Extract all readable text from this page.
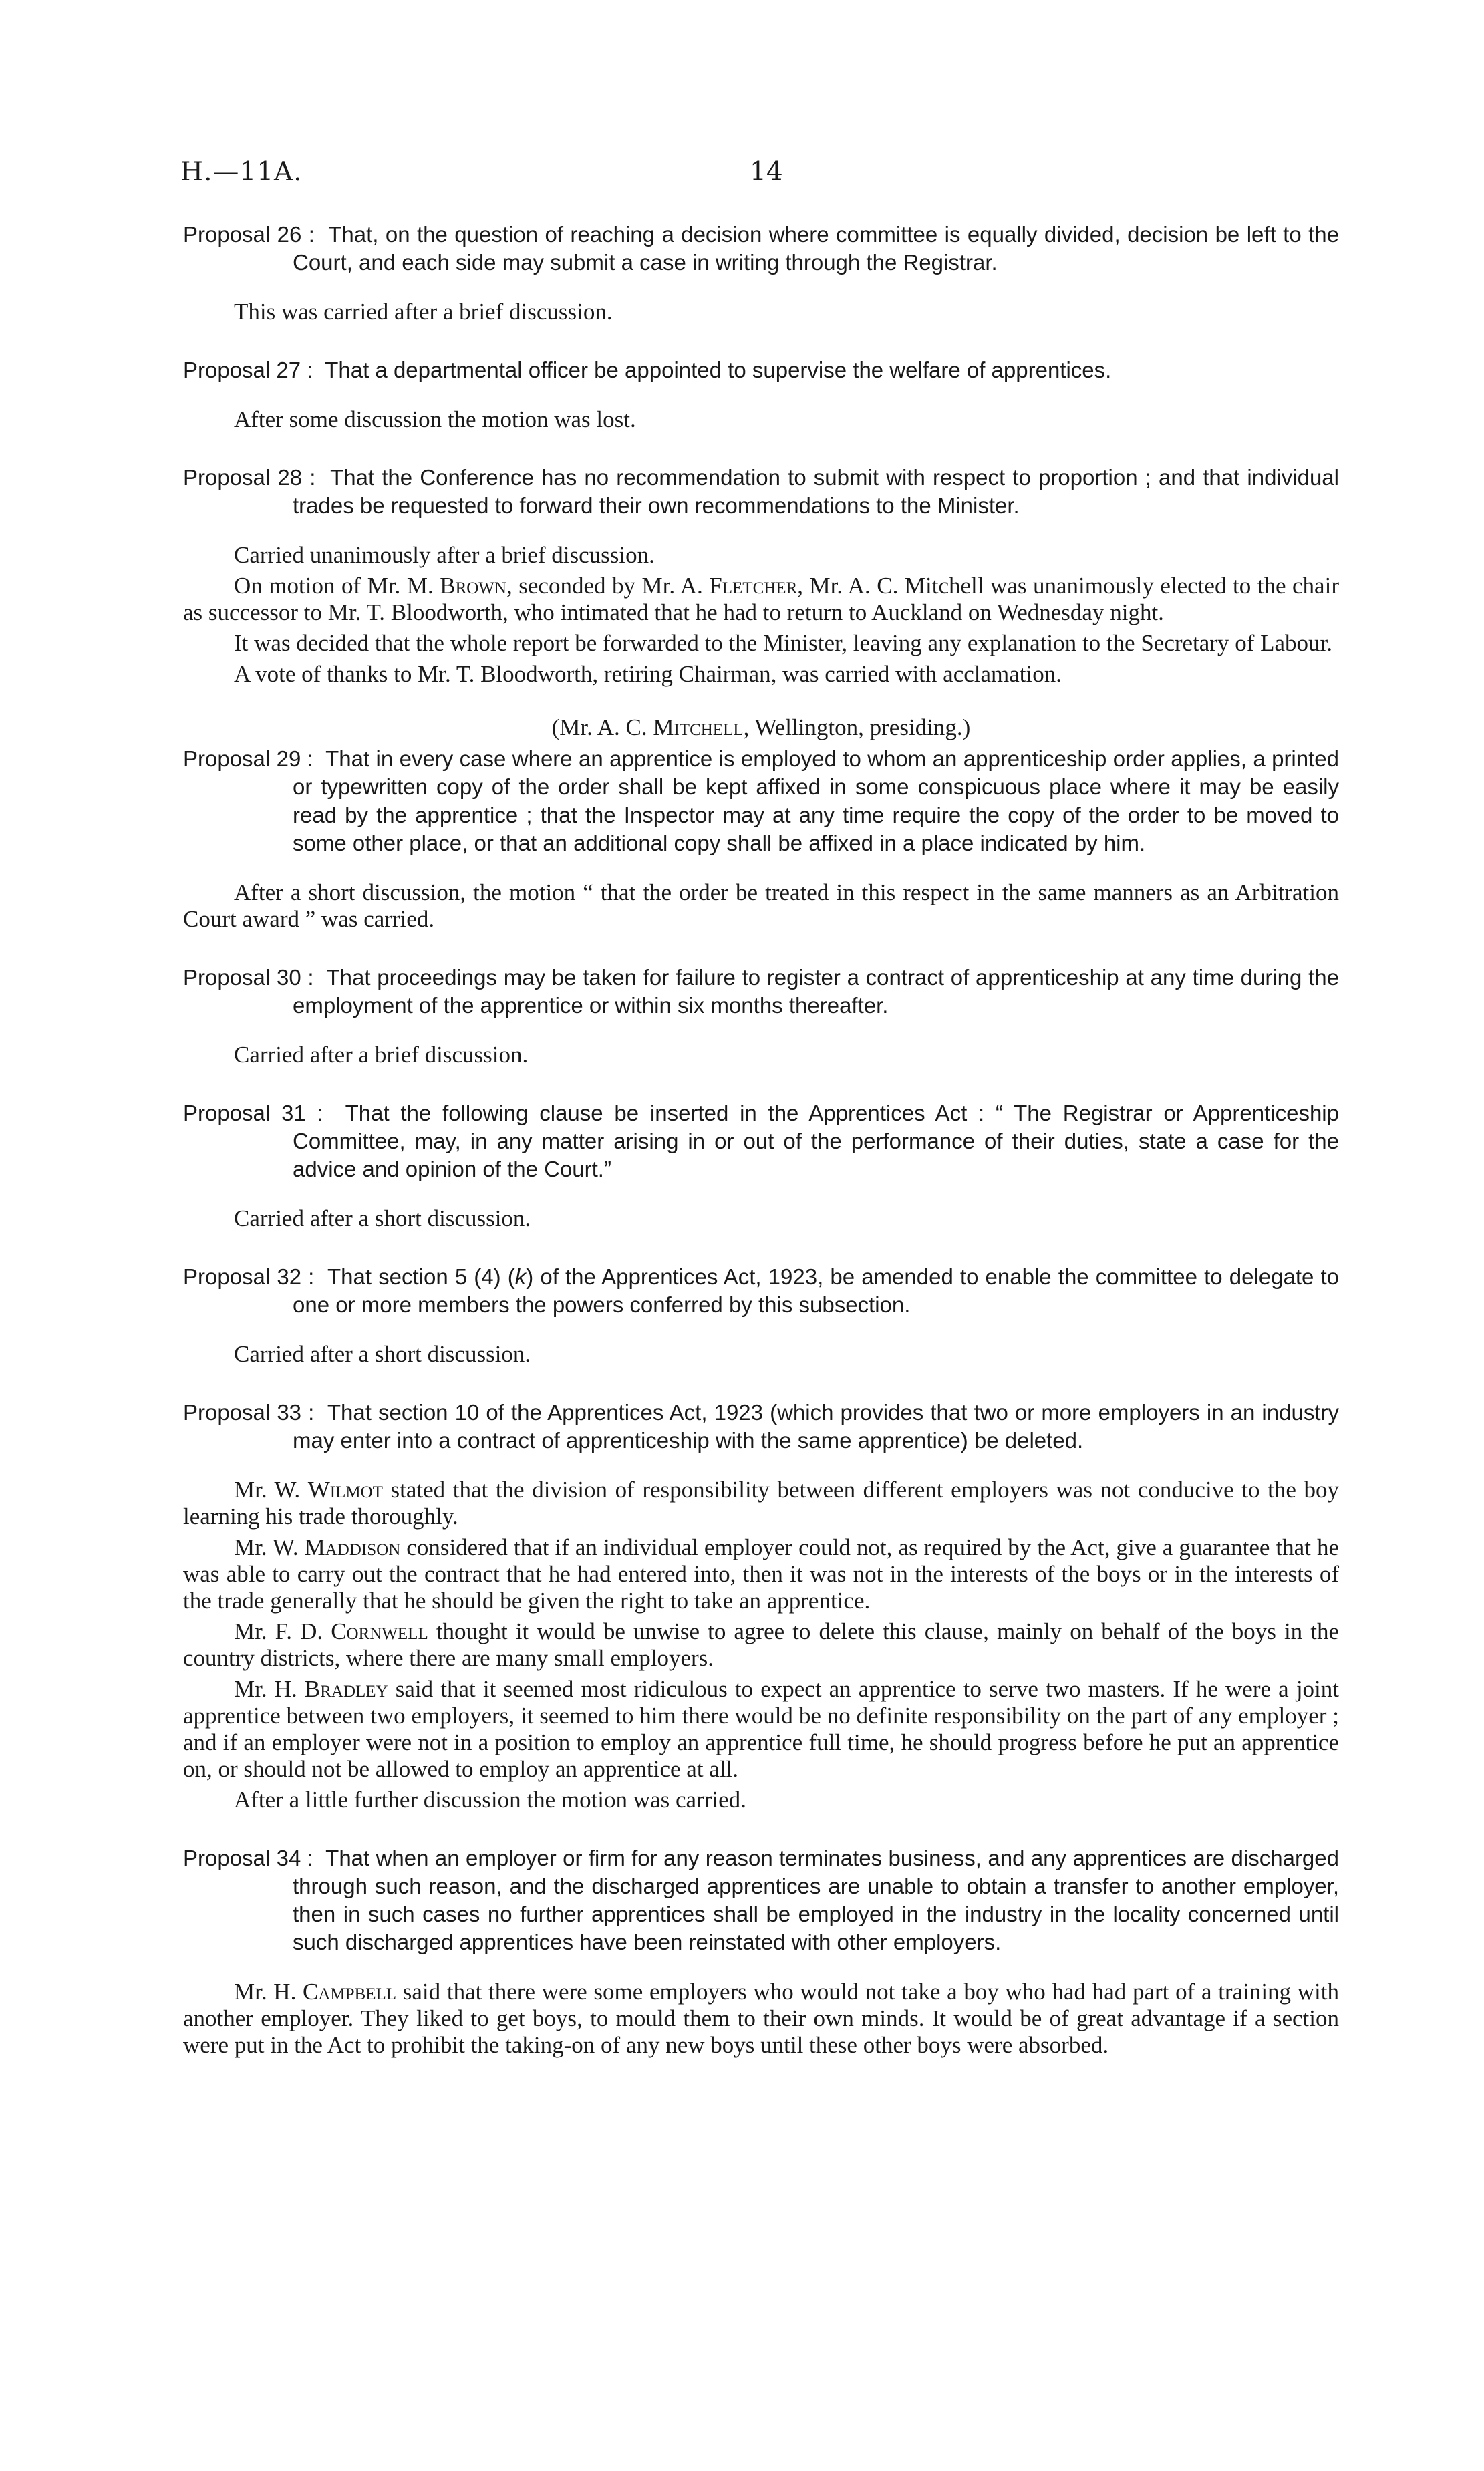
H.—11A.	14

Proposal 26 : That, on the question of reaching a decision where committee is equally divided, decision be left to the Court, and each side may submit a case in writing through the Registrar.

This was carried after a brief discussion.

Proposal 27 : That a departmental officer be appointed to supervise the welfare of apprentices.

After some discussion the motion was lost.

Proposal 28 : That the Conference has no recommendation to submit with respect to proportion ; and that individual trades be requested to forward their own recommendations to the Minister.

Carried unanimously after a brief discussion.

On motion of Mr. M. Brown, seconded by Mr. A. Fletcher, Mr. A. C. Mitchell was unanimously elected to the chair as successor to Mr. T. Bloodworth, who intimated that he had to return to Auckland on Wednesday night.

It was decided that the whole report be forwarded to the Minister, leaving any explanation to the Secretary of Labour.

A vote of thanks to Mr. T. Bloodworth, retiring Chairman, was carried with acclamation.

(Mr. A. C. Mitchell, Wellington, presiding.)

Proposal 29 : That in every case where an apprentice is employed to whom an apprenticeship order applies, a printed or typewritten copy of the order shall be kept affixed in some conspicuous place where it may be easily read by the apprentice ; that the Inspector may at any time require the copy of the order to be moved to some other place, or that an additional copy shall be affixed in a place indicated by him.

After a short discussion, the motion “ that the order be treated in this respect in the same manners as an Arbitration Court award ” was carried.

Proposal 30 : That proceedings may be taken for failure to register a contract of apprenticeship at any time during the employment of the apprentice or within six months thereafter.

Carried after a brief discussion.

Proposal 31 : That the following clause be inserted in the Apprentices Act : “ The Registrar or Apprenticeship Committee, may, in any matter arising in or out of the performance of their duties, state a case for the advice and opinion of the Court.”

Carried after a short discussion.

Proposal 32 : That section 5 (4) (k) of the Apprentices Act, 1923, be amended to enable the committee to delegate to one or more members the powers conferred by this subsection.

Carried after a short discussion.

Proposal 33 : That section 10 of the Apprentices Act, 1923 (which provides that two or more employers in an industry may enter into a contract of apprenticeship with the same apprentice) be deleted.

Mr. W. Wilmot stated that the division of responsibility between different employers was not conducive to the boy learning his trade thoroughly.

Mr. W. Maddison considered that if an individual employer could not, as required by the Act, give a guarantee that he was able to carry out the contract that he had entered into, then it was not in the interests of the boys or in the interests of the trade generally that he should be given the right to take an apprentice.

Mr. F. D. Cornwell thought it would be unwise to agree to delete this clause, mainly on behalf of the boys in the country districts, where there are many small employers.

Mr. H. Bradley said that it seemed most ridiculous to expect an apprentice to serve two masters. If he were a joint apprentice between two employers, it seemed to him there would be no definite responsibility on the part of any employer ; and if an employer were not in a position to employ an apprentice full time, he should progress before he put an apprentice on, or should not be allowed to employ an apprentice at all.

After a little further discussion the motion was carried.

Proposal 34 : That when an employer or firm for any reason terminates business, and any apprentices are discharged through such reason, and the discharged apprentices are unable to obtain a transfer to another employer, then in such cases no further apprentices shall be employed in the industry in the locality concerned until such discharged apprentices have been reinstated with other employers.

Mr. H. Campbell said that there were some employers who would not take a boy who had had part of a training with another employer. They liked to get boys, to mould them to their own minds. It would be of great advantage if a section were put in the Act to prohibit the taking-on of any new boys until these other boys were absorbed.
